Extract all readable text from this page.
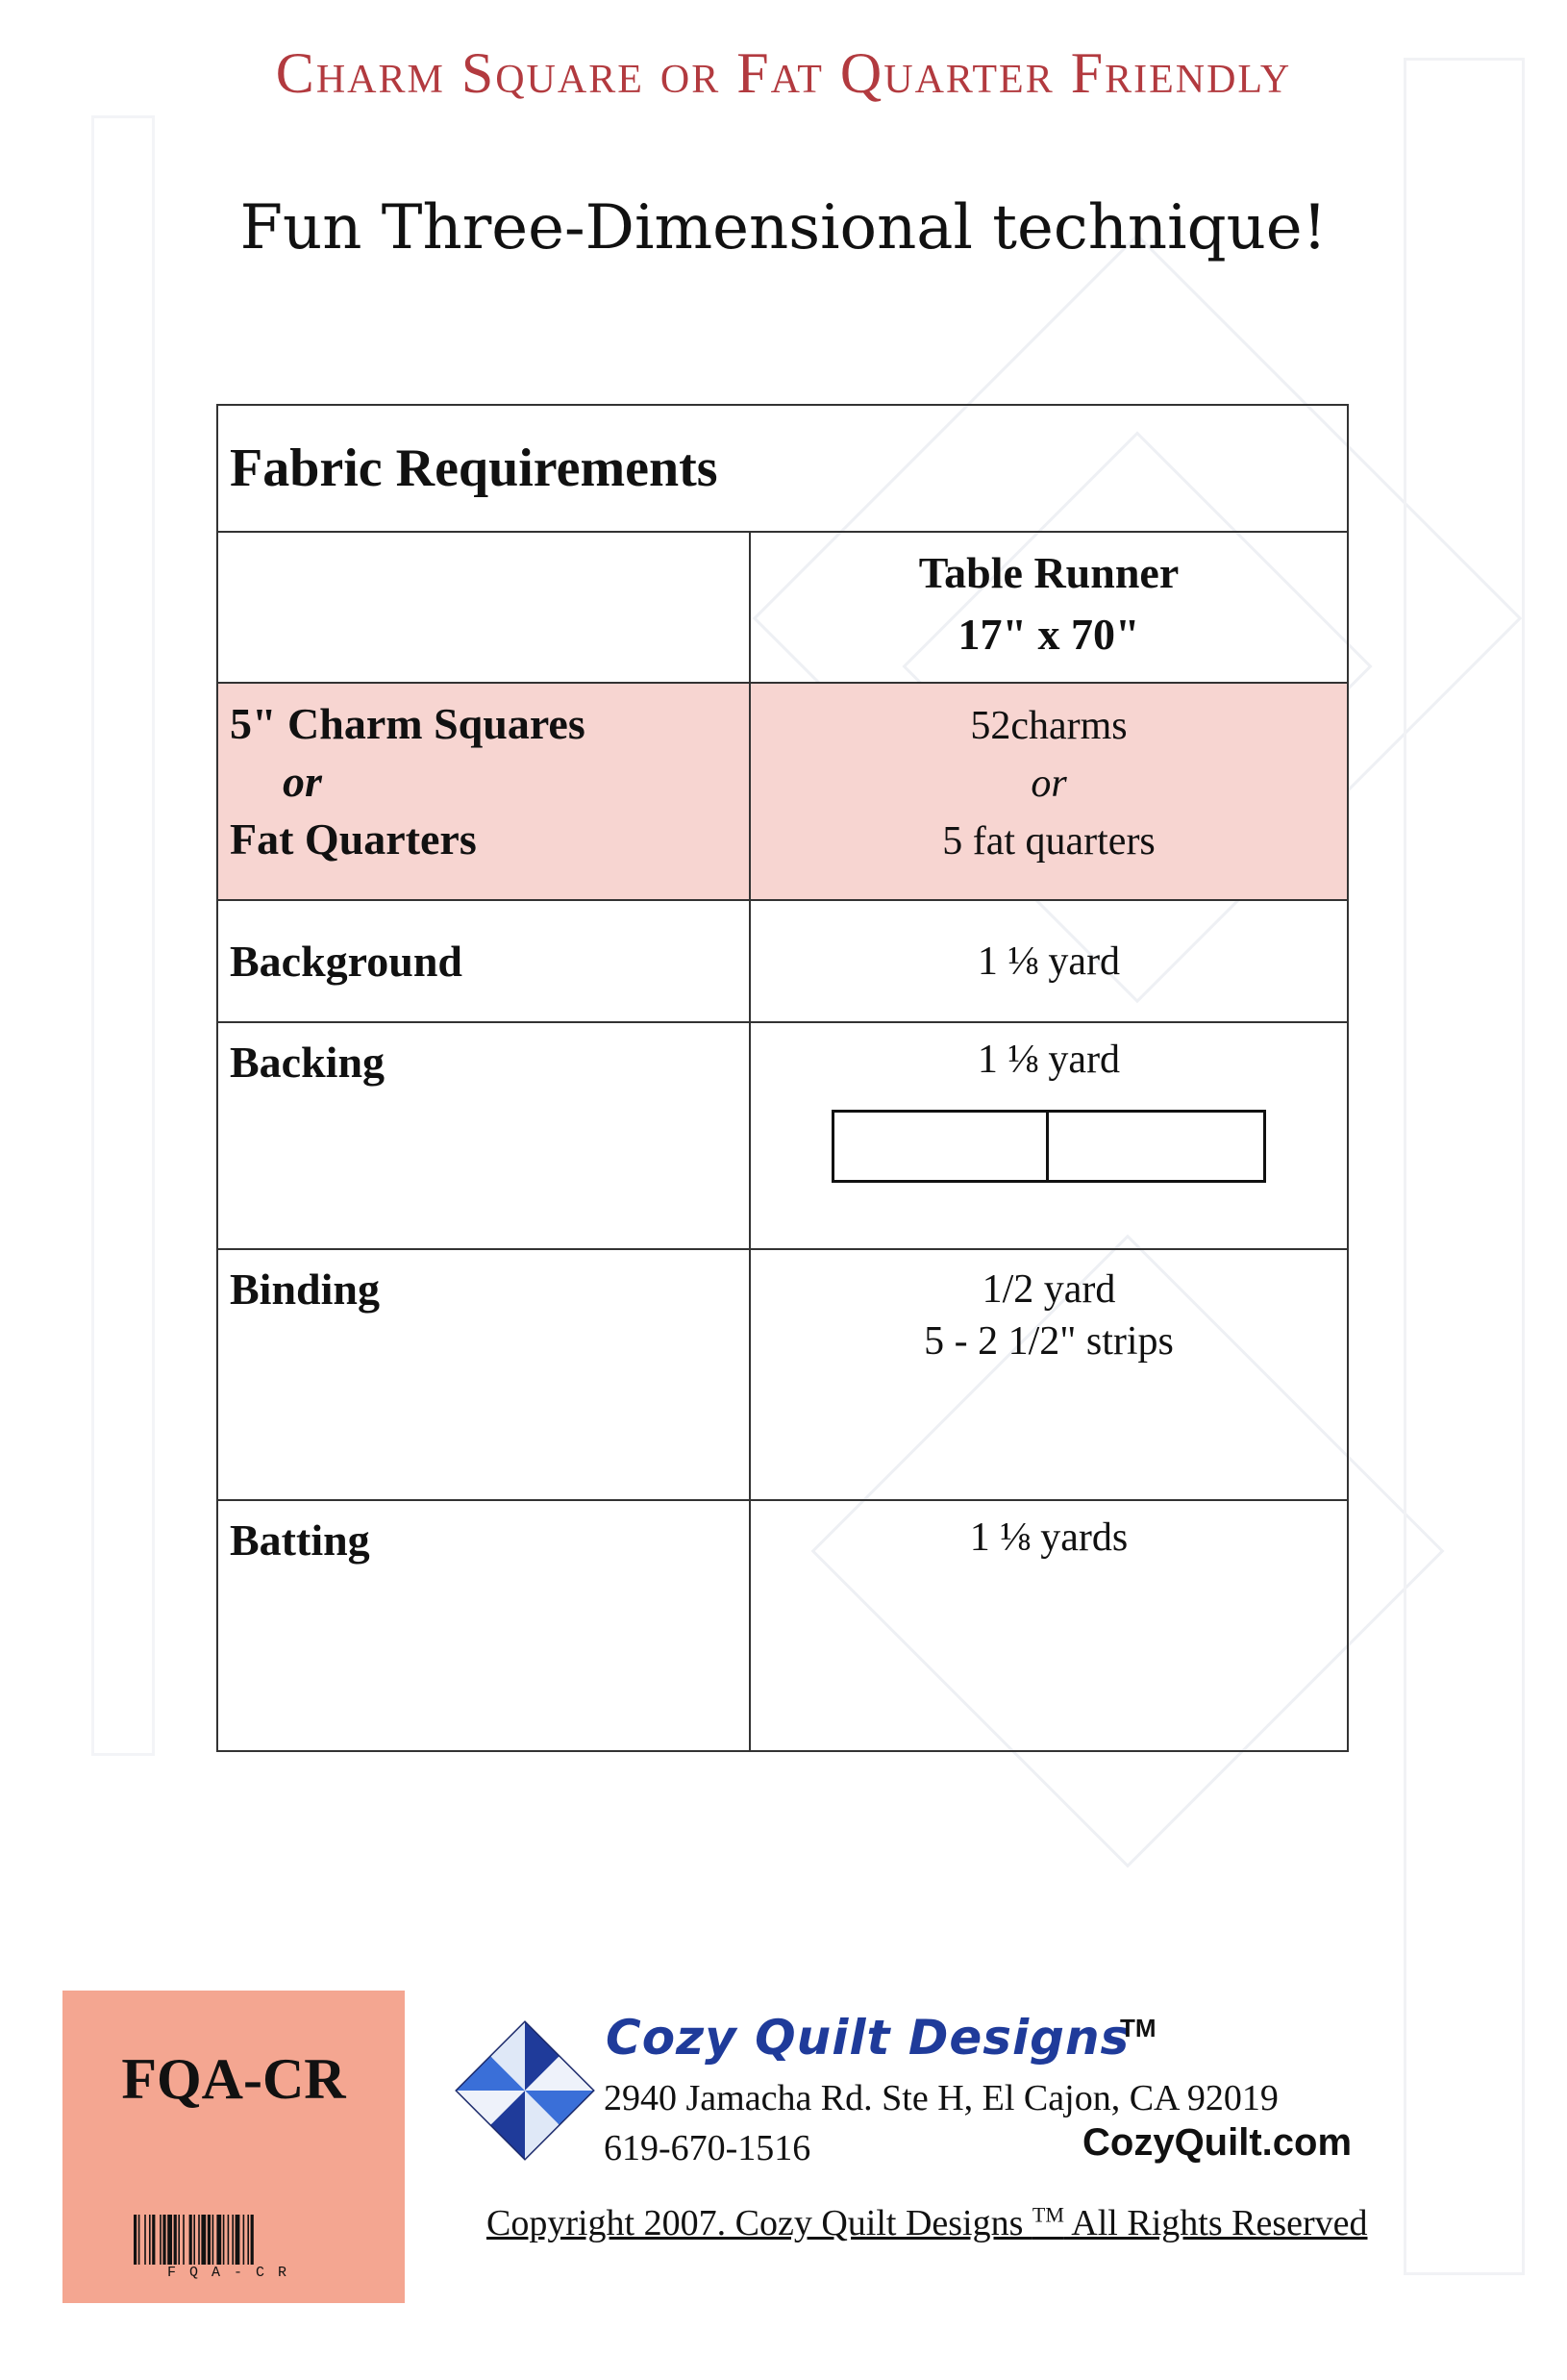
Charm Square or Fat Quarter Friendly
Fun Three-Dimensional technique!
Fabric Requirements	

	Table Runner
17" x 70"

5" Charm Squares
or
Fat Quarters	52charms
or
5 fat quarters

Background	1 ⅛ yard
Backing	1 ⅛ yard

Binding	1/2 yard
5 - 2 1/2" strips

Batting	1 ⅛ yards
FQA-CR
FQA-CR
Cozy Quilt Designs
TM
2940 Jamacha Rd. Ste H, El Cajon, CA 92019
619-670-1516	CozyQuilt.com
Copyright 2007. Cozy Quilt Designs ™ All Rights Reserved
